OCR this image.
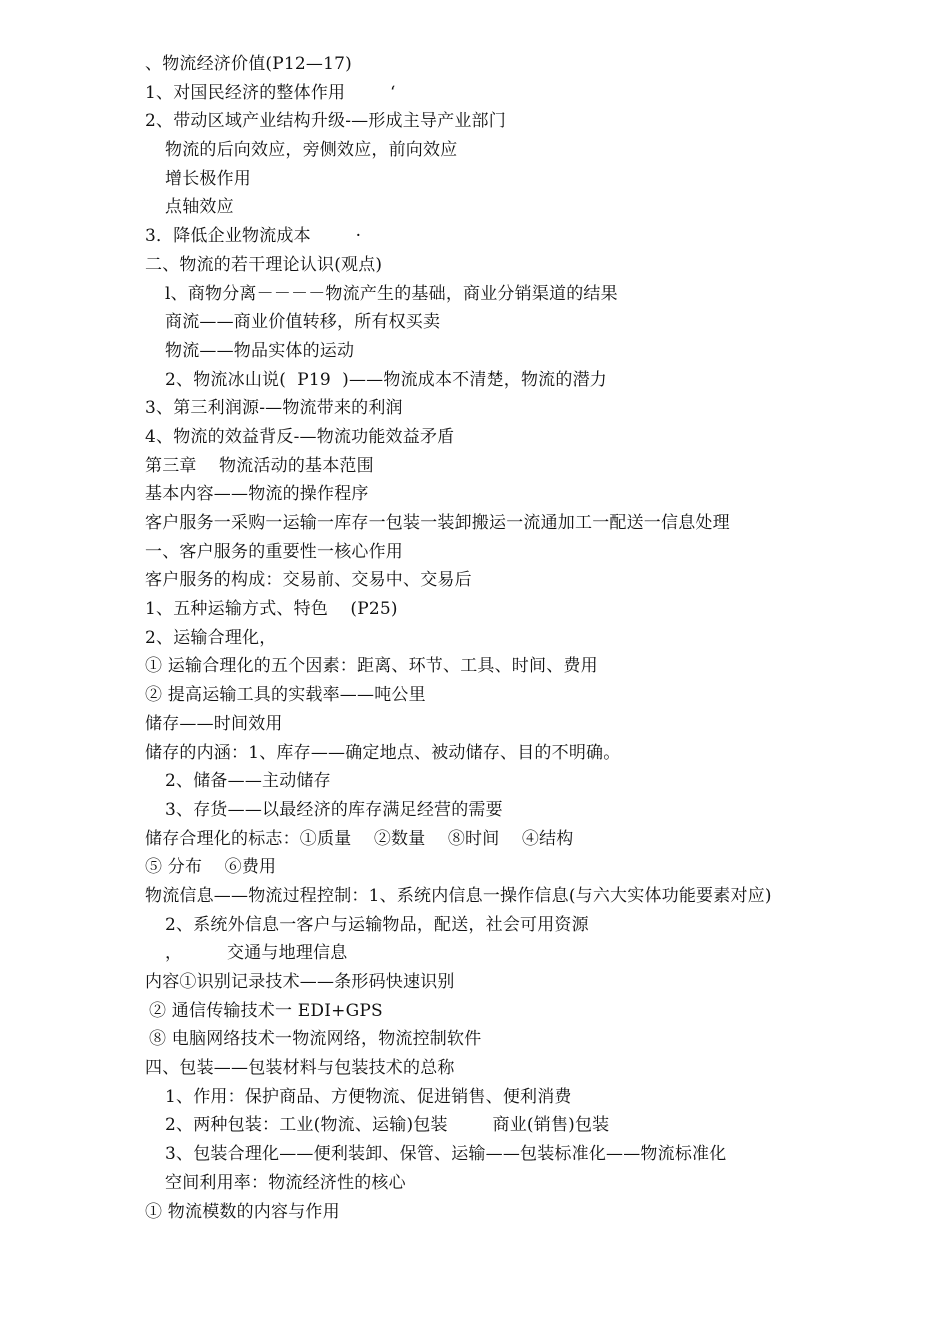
、物流经济价值(P12—17)
1、对国民经济的整体作用        ‘
2、带动区域产业结构升级-—形成主导产业部门
物流的后向效应，旁侧效应，前向效应
增长极作用
点轴效应
3．降低企业物流成本        ·
二、物流的若干理论认识(观点)
l、商物分离－－－－物流产生的基础，商业分销渠道的结果
商流——商业价值转移，所有权买卖
物流——物品实体的运动
2、物流冰山说(  P19  )——物流成本不清楚，物流的潜力
3、第三利润源-—物流带来的利润
4、物流的效益背反-—物流功能效益矛盾
第三章    物流活动的基本范围
基本内容——物流的操作程序
客户服务一采购一运输一库存一包装一装卸搬运一流通加工一配送一信息处理
一、客户服务的重要性一核心作用
客户服务的构成：交易前、交易中、交易后
1、五种运输方式、特色    (P25)
2、运输合理化，
① 运输合理化的五个因素：距离、环节、工具、时间、费用
② 提高运输工具的实载率——吨公里
储存——时间效用
储存的内涵：1、库存——确定地点、被动储存、目的不明确。
2、储备——主动储存
3、存货——以最经济的库存满足经营的需要
储存合理化的标志：①质量    ②数量    ⑧时间    ④结构
⑤ 分布    ⑥费用
物流信息——物流过程控制：1、系统内信息一操作信息(与六大实体功能要素对应)
2、系统外信息一客户与运输物品，配送，社会可用资源
，        交通与地理信息
内容①识别记录技术——条形码快速识别
② 通信传输技术一 EDI+GPS
⑧ 电脑网络技术一物流网络，物流控制软件
四、包装——包装材料与包装技术的总称
1、作用：保护商品、方便物流、促进销售、便利消费
2、两种包装：工业(物流、运输)包装        商业(销售)包装
3、包装合理化——便利装卸、保管、运输——包装标准化——物流标准化
空间利用率：物流经济性的核心
① 物流模数的内容与作用
